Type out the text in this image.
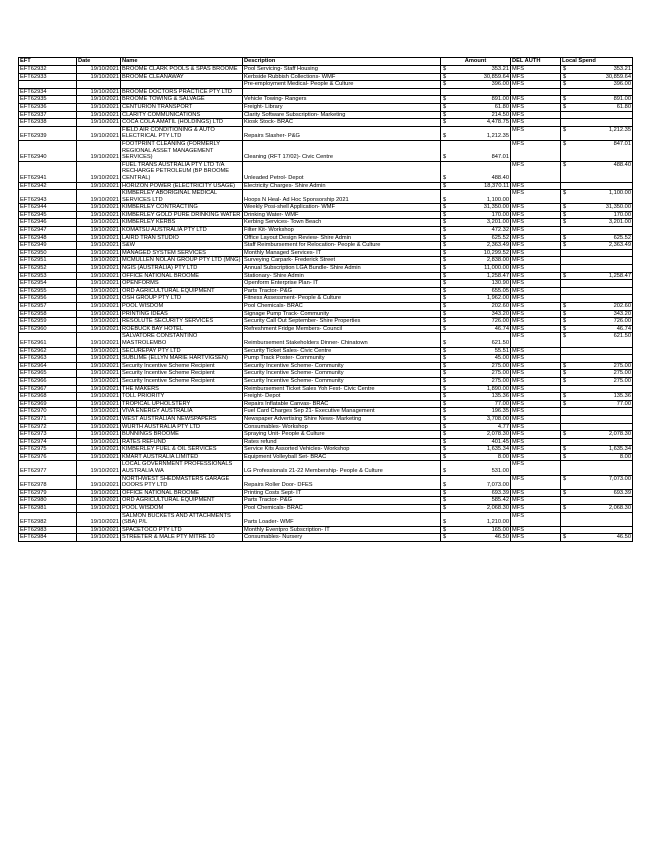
EFT	Date	Name	Description	Amount	DEL AUTH	Local Spend
EFT62932	19/10/2021	BROOME CLARK POOLS & SPAS BROOME	Pool Servicing- Staff Housing	$ 353.21	MFS	$ 353.21

EFT62933	19/10/2021	BROOME CLEANAWAY	Kerbside Rubbish Collections- WMF	$ 30,859.64	MFS	$ 30,859.64

			Pre-employment Medical- People & Culture	$ 396.00	MFS	$ 396.00

EFT62934	19/10/2021	BROOME DOCTORS PRACTICE PTY LTD		

EFT62935	19/10/2021	BROOME TOWING & SALVAGE	Vehicle Towing- Rangers	$ 891.00	MFS	$ 891.00

EFT62936	19/10/2021	CENTURION TRANSPORT	Freight- Library	$ 61.80	MFS	$ 61.80

EFT62937	19/10/2021	CLARITY COMMUNICATIONS	Clarity Software Subscription- Marketing	$ 214.50	MFS	

EFT62938	19/10/2021	COCA COLA AMATIL (HOLDINGS) LTD	Kiosk Stock- BRAC	$ 4,478.75	MFS	

EFT62939	19/10/2021	FIELD AIR CONDITIONING & AUTO ELECTRICAL PTY LTD	Repairs Slasher- P&G	$ 1,212.35	MFS	$ 1,212.35

EFT62940	19/10/2021	FOOTPRINT CLEANING (FORMERLY REGIONAL ASSET MANAGEMENT SERVICES)	Cleaning (RFT 17/02)- Civic Centre	$ 847.01	MFS	$ 847.01

EFT62941	19/10/2021	FUEL TRANS AUSTRALIA PTY LTD T/A RECHARGE PETROLEUM (BP BROOME CENTRAL)	Unleaded Petrol- Depot	$ 488.40	MFS	$ 488.40

EFT62942	19/10/2021	HORIZON POWER (ELECTRICITY USAGE)	Electricity Charges- Shire Admin	$ 18,370.11	MFS	

EFT62943	19/10/2021	KIMBERLEY ABORIGINAL MEDICAL SERVICES LTD	Hoops N Heal- Ad Hoc Sponsorship 2021	$ 1,100.00	MFS	$ 1,100.00

EFT62944	19/10/2021	KIMBERLEY CONTRACTING	Weekly Posi-shell Application- WMF	$ 31,350.00	MFS	$ 31,350.00

EFT62945	19/10/2021	KIMBERLEY GOLD PURE DRINKING WATER	Drinking Water- WMF	$ 170.00	MFS	$ 170.00

EFT62946	19/10/2021	KIMBERLEY KERBS	Kerbing Services- Town Beach	$ 3,201.00	MFS	$ 3,201.00

EFT62947	19/10/2021	KOMATSU AUSTRALIA PTY LTD	Filter Kit- Workshop	$ 472.32	MFS	

EFT62948	19/10/2021	LAIRD TRAN STUDIO	Office Layout Design Review- Shire Admin	$ 625.52	MFS	$ 625.52

EFT62949	19/10/2021	S&W	Staff Reimbursement for Relocation- People & Culture	$ 2,363.49	MFS	$ 2,363.49

EFT62950	19/10/2021	MANAGED SYSTEM SERVICES	Monthly Managed Services- IT	$ 10,299.52	MFS	

EFT62951	19/10/2021	MCMULLEN NOLAN GROUP PTY LTD (MNG)	Surveying Carpark- Frederick Street	$ 2,838.00	MFS	

EFT62952	19/10/2021	NGIS (AUSTRALIA) PTY LTD	Annual Subscription LGA Bundle- Shire Admin	$ 11,000.00	MFS	

EFT62953	19/10/2021	OFFICE NATIONAL BROOME	Stationary- Shire Admin	$ 1,258.47	MFS	$ 1,258.47

EFT62954	19/10/2021	OPENFORMS	Openform Enterprise Plan- IT	$ 130.90	MFS	

EFT62955	19/10/2021	ORD AGRICULTURAL EQUIPMENT	Parts Tractor- P&G	$ 655.05	MFS	

EFT62956	19/10/2021	OSH GROUP PTY LTD	Fitness Assessment- People & Culture	$ 1,962.00	MFS	

EFT62957	19/10/2021	POOL WISDOM	Pool Chemicals- BRAC	$ 202.60	MFS	$ 202.60

EFT62958	19/10/2021	PRINTING IDEAS	Signage Pump Track- Community	$ 343.20	MFS	$ 343.20

EFT62959	19/10/2021	RESOLUTE SECURITY SERVICES	Security Call Out September- Shire Properties	$ 726.00	MFS	$ 726.00

EFT62960	19/10/2021	ROEBUCK BAY HOTEL	Refreshment Fridge Members- Council	$ 46.74	MFS	$ 46.74

EFT62961	19/10/2021	SALVATORE CONSTANTINO MASTROLEMBO	Reimbursement Stakeholders Dinner- Chinatown	$ 621.50	MFS	$ 621.50

EFT62962	19/10/2021	SECUREPAY PTY LTD	Security Ticket Sales- Civic Centre	$ 55.51	MFS	

EFT62963	19/10/2021	SUBLIME (ELLYN MARIE HARTVIGSEN)	Pump Track Poster- Community	$ 45.00	MFS	

EFT62964	19/10/2021	Security Incentive Scheme Recipient	Security Incentive Scheme- Community	$ 275.00	MFS	$ 275.00

EFT62965	19/10/2021	Security Incentive Scheme Recipient	Security Incentive Scheme- Community	$ 275.00	MFS	$ 275.00

EFT62966	19/10/2021	Security Incentive Scheme Recipient	Security Incentive Scheme- Community	$ 275.00	MFS	$ 275.00

EFT62967	19/10/2021	THE MAKERS	Reimbursement Ticket Sales Yoh Fest- Civic Centre	$ 1,890.00	MFS	

EFT62968	19/10/2021	TOLL PRIORITY	Freight- Depot	$ 135.36	MFS	$ 135.36

EFT62969	19/10/2021	TROPICAL UPHOLSTERY	Repairs Inflatable Canvas- BRAC	$ 77.00	MFS	$ 77.00

EFT62970	19/10/2021	VIVA ENERGY AUSTRALIA	Fuel Card Charges Sep 21- Executive Management	$ 196.35	MFS	

EFT62971	19/10/2021	WEST AUSTRALIAN NEWSPAPERS	Newspaper Advertising Shire News- Marketing	$ 3,708.00	MFS	

EFT62972	19/10/2021	WURTH AUSTRALIA PTY LTD	Consumables- Workshop	$ 4.77	MFS	

EFT62973	19/10/2021	BUNNINGS BROOME	Spraying Unit- People & Culture	$ 2,078.30	MFS	$ 2,078.30

EFT62974	19/10/2021	RATES REFUND	Rates refund	$ 401.45	MFS	

EFT62975	19/10/2021	KIMBERLEY FUEL & OIL SERVICES	Service Kits Assorted Vehicles- Workshop	$ 1,635.34	MFS	$ 1,635.34

EFT62976	19/10/2021	KMART AUSTRALIA LIMITED	Equipment Volleyball Set- BRAC	$ 8.00	MFS	$ 8.00

EFT62977	19/10/2021	LOCAL GOVERNMENT PROFESSIONALS AUSTRALIA WA	LG Professionals 21-22 Membership- People & Culture	$ 531.00	MFS	

EFT62978	19/10/2021	NORTHWEST SHEDMASTERS GARAGE DOORS PTY LTD	Repairs Roller Door- DFES	$ 7,073.00	MFS	$ 7,073.00

EFT62979	19/10/2021	OFFICE NATIONAL BROOME	Printing Costs Sept- IT	$ 693.39	MFS	$ 693.39

EFT62980	19/10/2021	ORD AGRICULTURAL EQUIPMENT	Parts Tractor- P&G	$ 585.42	MFS	

EFT62981	19/10/2021	POOL WISDOM	Pool Chemicals- BRAC	$ 2,068.30	MFS	$ 2,068.30

EFT62982	19/10/2021	SALMON BUCKETS AND ATTACHMENTS (SBA) P/L	Parts Loader- WMF	$ 1,210.00	MFS	

EFT62983	19/10/2021	SPACETOCO PTY LTD	Monthly Eventpro Subscription- IT	$ 165.00	MFS	

EFT62984	19/10/2021	STREETER & MALE PTY MITRE 10	Consumables- Nursery	$ 46.50	MFS	$ 46.50
